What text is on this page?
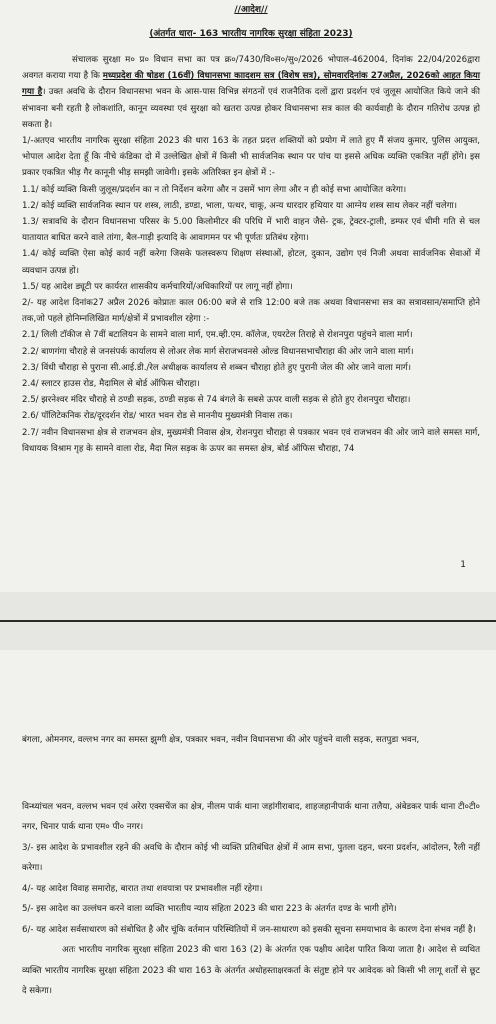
//आदेश//
(अंतर्गत धारा- 163 भारतीय नागरिक सुरक्षा संहिता 2023)

संचालक सुरक्षा म० प्र० विधान सभा का पत्र क्र०/7430/वि०स०/सु०/2026 भोपाल-462004, दिनांक 22/04/2026द्वारा अवगत कराया गया है कि मध्यप्रदेश की षोडश (16वीं) विधानसभा काादशम सत्र (विशेष सत्र), सोमवारदिनांक 27अप्रैल, 2026को आहत किया गया है। उक्त अवधि के दौरान विधानसभा भवन के आस-पास विभिन्न संगठनों एवं राजनैतिक दलों द्वारा प्रदर्शन एवं जुलूस आयोजित किये जाने की संभावना बनी रहती है लोकशांति, कानून व्यवस्था एवं सुरक्षा को खतरा उत्पन्न होकर विधानसभा सत्र काल की कार्यवाही के दौरान गतिरोध उत्पन्न हो सकता है।

1/-अतएव भारतीय नागरिक सुरक्षा संहिता 2023 की धारा 163 के तहत प्रदत्त शक्तियों को प्रयोग में लाते हुए मैं संजय कुमार, पुलिस आयुक्त, भोपाल आदेश देता हूँ कि नीचे कंडिका दो में उल्लेखित क्षेत्रों में किसी भी सार्वजनिक स्थान पर पांच या इससे अधिक व्यक्ति एकत्रित नहीं होंगे। इस प्रकार एकत्रित भीड़ गैर कानूनी भीड़ समझी जावेगी। इसके अतिरिक्त इन क्षेत्रों में :-

1.1/ कोई व्यक्ति किसी जुलूस/प्रदर्शन का न तो निर्देशन करेगा और न उसमें भाग लेगा और न ही कोई सभा आयोजित करेगा।

1.2/ कोई व्यक्ति सार्वजनिक स्थान पर शस्त्र, लाठी, डण्डा, भाला, पत्थर, चाकू, अन्य धारदार हथियार या आग्नेय शस्त्र साथ लेकर नहीं चलेगा।

1.3/ सत्रावधि के दौरान विधानसभा परिसर के 5.00 किलोमीटर की परिधि में भारी वाहन जैसे- ट्रक, ट्रेक्टर-ट्राली, डम्फर एवं धीमी गति से चल यातायात बाधित करने वाले तांगा, बैल-गाड़ी इत्यादि के आवागमन पर भी पूर्णतः प्रतिबंध रहेगा।

1.4/ कोई व्यक्ति ऐसा कोई कार्य नहीं करेगा जिसके फलस्वरूप शिक्षण संस्थाओं, होटल, दुकान, उद्योग एवं निजी अथवा सार्वजनिक सेवाओं में व्यवधान उत्पन्न हो।

1.5/ यह आदेश ड्यूटी पर कार्यरत शासकीय कर्मचारियों/अधिकारियों पर लागू नहीं होगा।

2/- यह आदेश दिनांक27 अप्रैल 2026 कोप्रातः काल 06:00 बजे से रात्रि 12:00 बजे तक अथवा विधानसभा सत्र का सत्रावसान/समाप्ति होने तक,जो पहले होनिम्नलिखित मार्ग/क्षेत्रों में प्रभावशील रहेगा :-

2.1/ लिली टॉकीज से 7वीं बटालियन के सामने वाला मार्ग, एम.व्ही.एम. कॉलेज, एयरटेल तिराहे से रोशनपुरा पहुंचने वाला मार्ग।

2.2/ बाणगंगा चौराहे से जनसंपर्क कार्यालय से लोअर लेक मार्ग सेराजभवनसे ओल्ड विधानसभाचौराहा की ओर जाने वाला मार्ग।

2.3/ विंधी चौराहा से पुराना सी.आई.डी./रेल अधीक्षक कार्यालय से शब्बन चौराहा होते हुए पुरानी जेल की ओर जाने वाला मार्ग।

2.4/ स्लाटर हाउस रोड, मैदामिल से बोर्ड ऑफिस चौराहा।

2.5/ झरनेश्वर मंदिर चौराहे से ठण्डी सड़क, ठण्डी सड़क से 74 बंगले के सबसे ऊपर वाली सड़क से होते हुए रोशनपुरा चौराहा।

2.6/ पॉलिटेकनिक रोड/दूरदर्शन रोड/ भारत भवन रोड से माननीय मुख्यमंत्री निवास तक।

2.7/ नवीन विधानसभा क्षेत्र से राजभवन क्षेत्र, मुख्यमंत्री निवास क्षेत्र, रोशनपुरा चौराहा से पत्रकार भवन एवं राजभवन की ओर जाने वाले समस्त मार्ग, विधायक विश्राम गृह के सामने वाला रोड, मैदा मिल सड़क के ऊपर का समस्त क्षेत्र, बोर्ड ऑफिस चौराहा, 74

1

बंगला, ओमनगर, वल्लभ नगर का समस्त झुग्गी क्षेत्र, पत्रकार भवन, नवीन विधानसभा की ओर पहुंचने वाली सड़क, सतपुडा भवन,

विन्ध्यांचल भवन, वल्लभ भवन एवं अरेरा एक्सचेंज का क्षेत्र, नीलम पार्क थाना जहांगीराबाद, शाहजहानीपार्क थाना तलैया, अंबेडकर पार्क थाना टी०टी० नगर, चिनार पार्क थाना एम० पी० नगर।

3/- इस आदेश के प्रभावशील रहने की अवधि के दौरान कोई भी व्यक्ति प्रतिबंधित क्षेत्रों में आम सभा, पुतला दहन, धरना प्रदर्शन, आंदोलन, रैली नहीं करेगा।

4/- यह आदेश विवाह समारोह, बारात तथा शवयात्रा पर प्रभावशील नहीं रहेगा।

5/- इस आदेश का उल्लंघन करने वाला व्यक्ति भारतीय न्याय संहिता 2023 की धारा 223 के अंतर्गत दण्ड के भागी होंगे।

6/- यह आदेश सर्वसाधारण को संबोधित है और चूंकि वर्तमान परिस्थितियों में जन-साधारण को इसकी सूचना समयाभाव के कारण देना संभव नहीं है।

अतः भारतीय नागरिक सुरक्षा संहिता 2023 की धारा 163 (2) के अंतर्गत एक पक्षीय आदेश पारित किया जाता है। आदेश से व्यथित व्यक्ति भारतीय नागरिक सुरक्षा संहिता 2023 की धारा 163 के अंतर्गत अधोहस्ताक्षरकर्ता के संतुष्ट होने पर आवेदक को किसी भी लागू शर्तों से छूट दे सकेगा।
